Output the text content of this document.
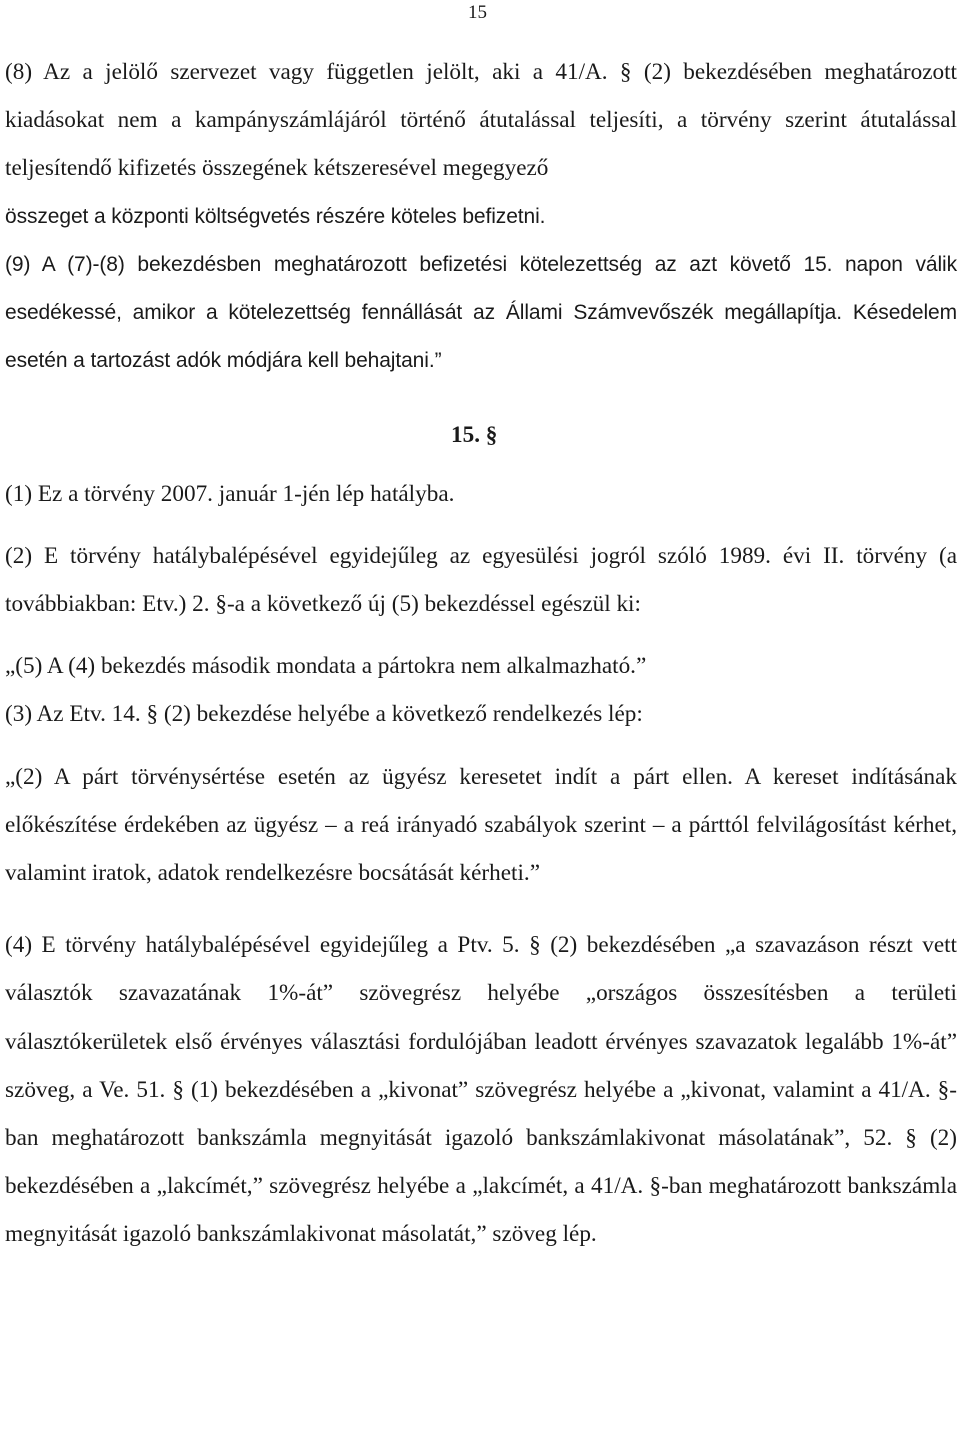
15

(8) Az a jelölő szervezet vagy független jelölt, aki a 41/A. § (2) bekezdésében meghatározott kiadásokat nem a kampányszámlájáról történő átutalással teljesíti, a törvény szerint átutalással teljesítendő kifizetés összegének kétszeresével megegyező

összeget a központi költségvetés részére köteles befizetni.

(9) A (7)-(8) bekezdésben meghatározott befizetési kötelezettség az azt követő 15. napon válik esedékessé, amikor a kötelezettség fennállását az Állami Számvevőszék megállapítja. Késedelem esetén a tartozást adók módjára kell behajtani.”

15. §

(1) Ez a törvény 2007. január 1-jén lép hatályba.

(2) E törvény hatálybalépésével egyidejűleg az egyesülési jogról szóló 1989. évi II. törvény (a továbbiakban: Etv.) 2. §-a a következő új (5) bekezdéssel egészül ki:

„(5) A (4) bekezdés második mondata a pártokra nem alkalmazható.”

(3) Az Etv. 14. § (2) bekezdése helyébe a következő rendelkezés lép:

„(2) A párt törvénysértése esetén az ügyész keresetet indít a párt ellen. A kereset indításának előkészítése érdekében az ügyész – a reá irányadó szabályok szerint – a párttól felvilágosítást kérhet, valamint iratok, adatok rendelkezésre bocsátását kérheti.”

(4) E törvény hatálybalépésével egyidejűleg a Ptv. 5. § (2) bekezdésében „a szavazáson részt vett választók szavazatának 1%-át” szövegrész helyébe „országos összesítésben a területi választókerületek első érvényes választási fordulójában leadott érvényes szavazatok legalább 1%-át” szöveg, a Ve. 51. § (1) bekezdésében a „kivonat” szövegrész helyébe a „kivonat, valamint a 41/A. §-ban meghatározott bankszámla megnyitását igazoló bankszámlakivonat másolatának”, 52. § (2) bekezdésében a „lakcímét,” szövegrész helyébe a „lakcímét, a 41/A. §-ban meghatározott bankszámla megnyitását igazoló bankszámlakivonat másolatát,” szöveg lép.
